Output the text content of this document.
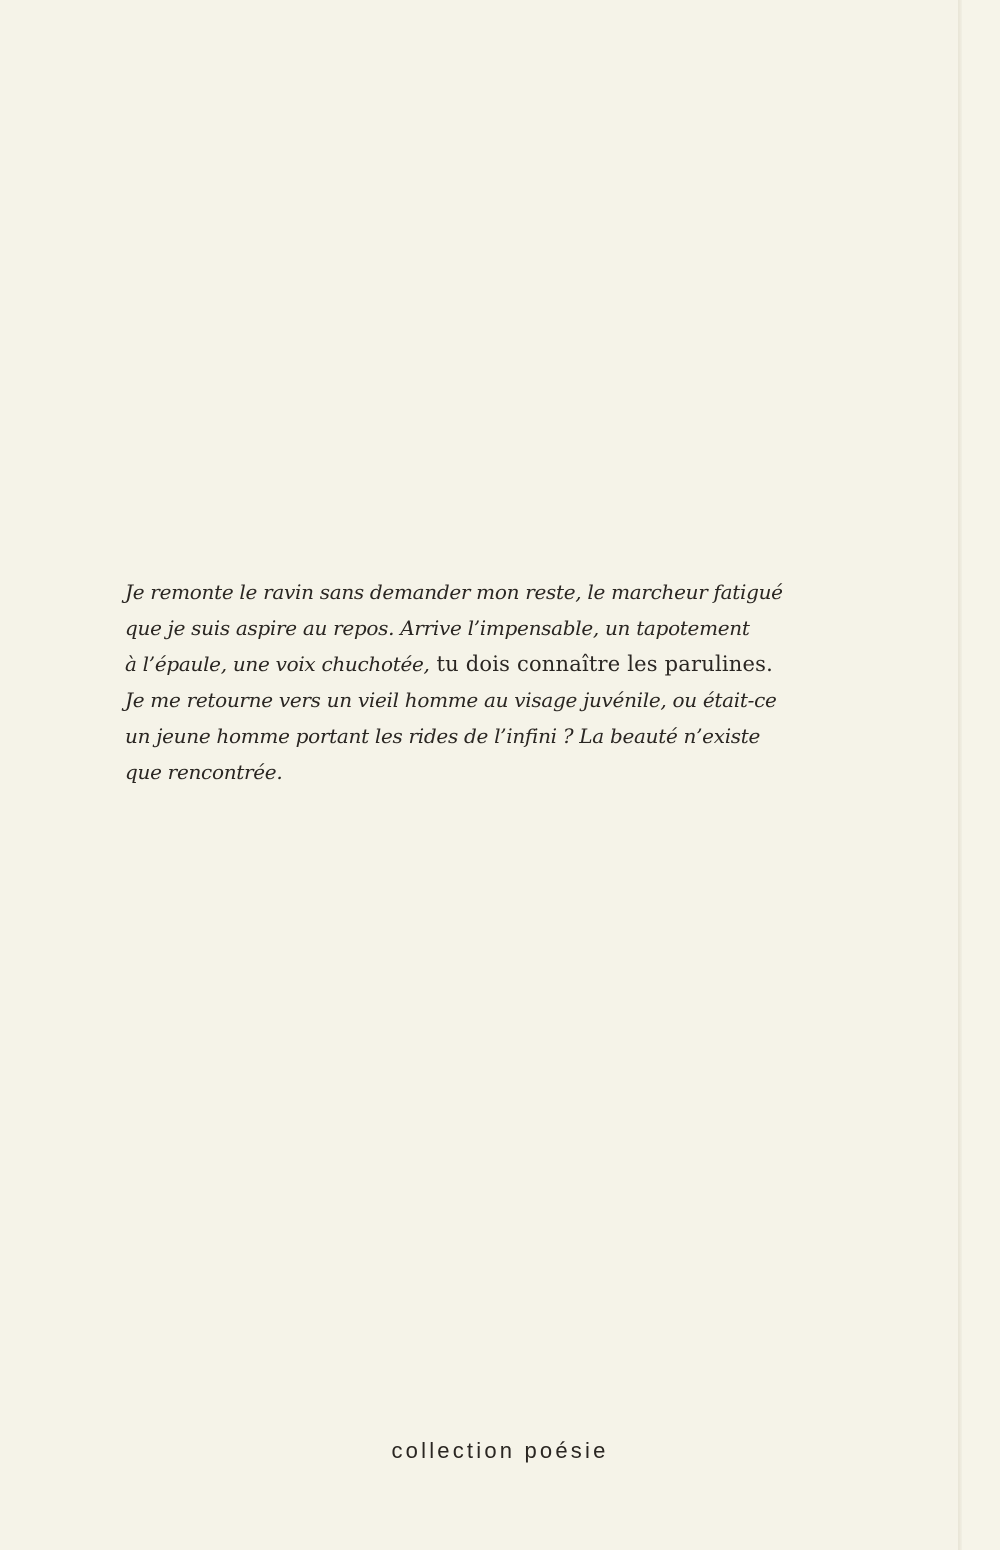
Je remonte le ravin sans demander mon reste, le marcheur fatigué
que je suis aspire au repos. Arrive l’impensable, un tapotement
à l’épaule, une voix chuchotée, tu dois connaître les parulines.
Je me retourne vers un vieil homme au visage juvénile, ou était-ce
un jeune homme portant les rides de l’infini ? La beauté n’existe
que rencontrée.
collection poésie
